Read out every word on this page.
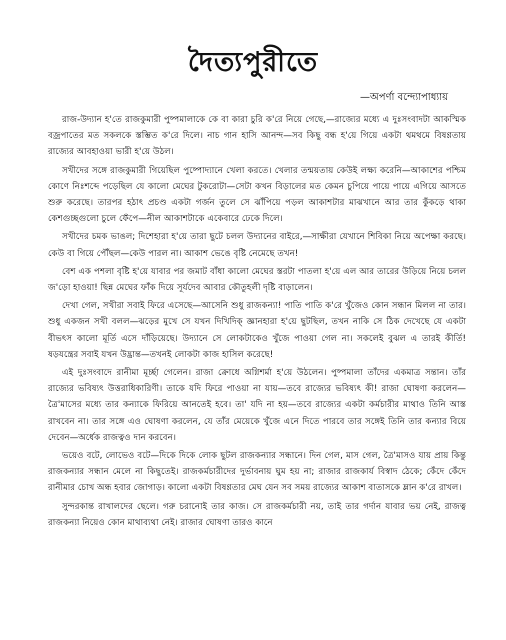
দৈত্যপুরীতে
—অপর্ণা বন্দ্যোপাধ্যায়

রাজ-উদ্যান হ'তে রাজকুমারী পুষ্পমালাকে কে বা কারা চুরি ক'রে নিয়ে গেছে,—রাজ্যের মধ্যে এ দুঃসংবাদটা আকস্মিক বজ্রপাতের মত সকলকে স্তম্ভিত ক'রে দিলে। নাচ গান হাসি আনন্দ—সব কিছু বন্ধ হ'য়ে গিয়ে একটা থমথমে বিষণ্ণতায় রাজ্যের আবহাওয়া ভারী হ'য়ে উঠল।

সখীদের সঙ্গে রাজকুমারী গিয়েছিল পুষ্পোদ্যানে খেলা করতে। খেলার তন্ময়তায় কেউই লক্ষ্য করেনি—আকাশের পশ্চিম কোণে নিঃশব্দে পড়েছিল যে কালো মেঘের টুকরোটা—সেটা কখন বিড়ালের মত কেমন চুপিয়ে পায়ে পায়ে এগিয়ে আসতে শুরু করেছে। তারপর হঠাৎ প্রচণ্ড একটা গর্জন তুলে সে ঝাঁপিয়ে পড়ল আকাশটার মাঝখানে আর তার কুঁকড়ে থাকা কেশগুচ্ছগুলো চুলে ফেঁপে—নীল আকাশটাকে একেবারে ঢেকে দিলে।

সখীদের চমক ভাঙল; দিশেহারা হ'য়ে তারা ছুটে চলল উদ্যানের বাইরে,—সাক্ষীরা যেখানে শিবিকা নিয়ে অপেক্ষা করছে। কেউ বা গিয়ে পৌঁছল—কেউ পারল না। আকাশ ভেঙে বৃষ্টি নেমেছে তখন!

বেশ এক পশলা বৃষ্টি হ'য়ে যাবার পর জমাট বাঁধা কালো মেঘের স্তরটা পাতলা হ'য়ে এল আর তারের উড়িয়ে নিয়ে চলল জ'ড়ো হাওয়া! ছিন্ন মেঘের ফাঁক দিয়ে সূর্যদেব আবার কৌতুহলী দৃষ্টি বাড়ালেন।

দেখা গেল, সখীরা সবাই ফিরে এসেছে—আসেনি শুধু রাজকন্যা! পাতি পাতি ক'রে খুঁজেও কোন সন্ধান মিলল না তার। শুধু একজন সখী বলল—ঝড়ের মুখে সে যখন দিখিদিক্ জ্ঞানহারা হ'য়ে ছুটছিল, তখন নাকি সে ঠিক দেখেছে যে একটা বীভৎস কালো মূর্তি এসে দাঁড়িয়েছে। উদ্যানে সে লোকটাকেও খুঁজে পাওয়া গেল না। সকলেই বুঝল এ তারই কীর্তি! ষড়যন্ত্রের সবাই যখন উদ্ভ্রান্ত—তখনই লোকটা কাজ হাসিল করেছে!

এই দুঃসংবাদে রানীমা মূর্চ্ছা গেলেন। রাজা ক্রোধে অগ্নিশর্মা হ'য়ে উঠলেন। পুষ্পমালা তাঁদের একমাত্র সন্তান। তাঁর রাজ্যের ভবিষ্যৎ উত্তরাধিকারিণী। তাকে যদি ফিরে পাওয়া না যায়—তবে রাজ্যের ভবিষ্যৎ কী! রাজা ঘোষণা করলেন—ত্রৈ'মাসের মধ্যে তার কন্যাকে ফিরিয়ে আনতেই হবে। তা' যদি না হয়—তবে রাজ্যের একটা কর্মচারীর মাথাও তিনি আস্ত রাখবেন না। তার সঙ্গে এও ঘোষণা করলেন, যে তাঁর মেয়েকে খুঁজে এনে দিতে পারবে তার সঙ্গেই তিনি তার কন্যার বিয়ে দেবেন—অর্ধেক রাজত্বও দান করবেন।

ভয়েও বটে, লোভেও বটে—দিকে দিকে লোক ছুটল রাজকন্যার সন্ধানে। দিন গেল, মাস গেল, ত্রৈ'মাসও যায় প্রায় কিন্তু রাজকন্যার সন্ধান মেলে না কিছুতেই। রাজকর্মচারীদের দুর্ভাবনায় ঘুম হয় না; রাজার রাজকার্য বিস্বাদ ঠেকে; কেঁদে কেঁদে রানীমার চোখ অন্ধ হবার জোগাড়। কালো একটা বিষণ্ণতার মেঘ যেন সব সময় রাজ্যের আকাশ বাতাসকে ম্লান ক'রে রাখল।

সুন্দরকান্ত রাখালদের ছেলে। গরু চরানোই তার কাজ। সে রাজকর্মচারী নয়, তাই তার গর্দান যাবার ভয় নেই, রাজত্ব রাজকন্যা নিয়েও কোন মাথাব্যথা নেই। রাজার ঘোষণা তারও কানে
